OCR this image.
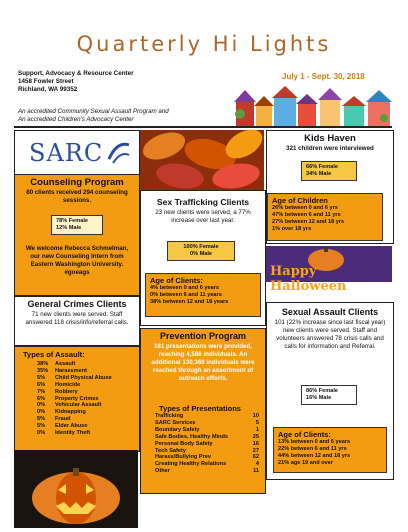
Quarterly Hi Lights
Support, Advocacy & Resource Center
1458 Fowler Street
Richland, WA 99352
July 1 - Sept. 30, 2018
An accredited Community Sexual Assault Program and
An accredited Children's Advocacy Center
SARC
Counseling Program
80 clients received 294 counseling sessions.
78% Female
12% Male
We welcome Rebecca Schmelman, our new Counseling Intern from Eastern Washington University. #goeags
General Crimes Clients
71 new clients were served. Staff answered 118 crisis/info/referral calls.
Types of Assault:
38% Assault
35% Harassment
5% Child Physical Abuse
6% Homicide
7% Robbery
6% Property Crimes
0% Vehicular Assault
0% Kidnapping
5% Fraud
5% Elder Abuse
0% Identity Theft
Sex Trafficking Clients
23 new clients were served, a 77% increase over last year.
100% Female
0% Male
Age of Clients:
4% between 0 and 6 years
0% between 6 and 11 years
38% between 12 and 18 years
Prevention Program
161 presentations were provided, reaching 4,586 individuals. An additional 130,368 individuals were reached through an assortment of outreach efforts.
Types of Presentations
Trafficking	10
SARC Services	5
Boundary Safety	1
Safe Bodies, Healthy Minds	25
Personal Body Safety	16
Tech Safety	27
Harass/Bullying Prev	62
Creating Healthy Relations	4
Other	11
Kids Haven
321 children were interviewed
66% Female
34% Male
Age of Children
26% between 0 and 6 yrs
47% between 6 and 11 yrs
27% between 12 and 18 yrs
1% over 18 yrs
Happy Halloween
Sexual Assault Clients
101 (22% increase since last fiscal year) new clients were served. Staff and volunteers answered 78 crisis calls and calls for information and Referral.
86% Female
16% Male
Age of Clients:
13% between 0 and 6 years
22% between 6 and 11 yrs
44% between 12 and 18 yrs
21% age 19 and over
